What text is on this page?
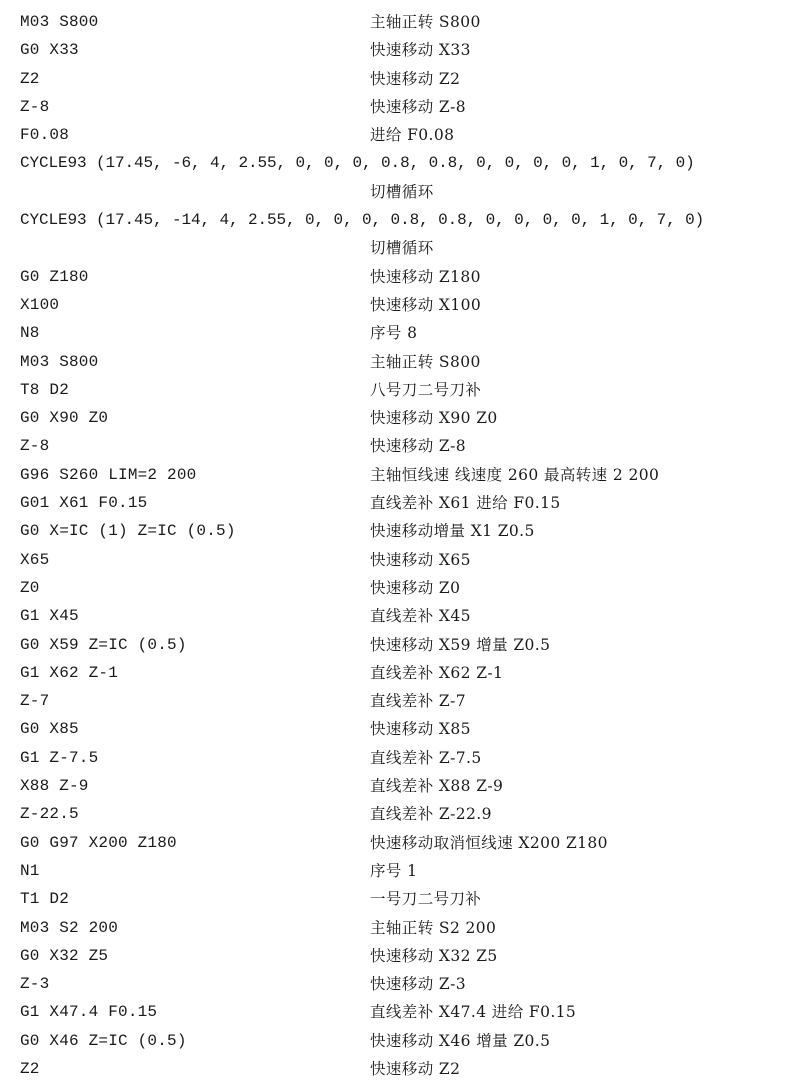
M03 S800	主轴正转 S800
G0 X33	快速移动 X33
Z2	快速移动 Z2
Z-8	快速移动 Z-8
F0.08	进给 F0.08
CYCLE93 (17.45, -6, 4, 2.55, 0, 0, 0, 0.8, 0.8, 0, 0, 0, 0, 1, 0, 7, 0)
切槽循环
CYCLE93 (17.45, -14, 4, 2.55, 0, 0, 0, 0.8, 0.8, 0, 0, 0, 0, 1, 0, 7, 0)
切槽循环
G0 Z180	快速移动 Z180
X100	快速移动 X100
N8	序号 8
M03 S800	主轴正转 S800
T8 D2	八号刀二号刀补
G0 X90 Z0	快速移动 X90 Z0
Z-8	快速移动 Z-8
G96 S260 LIM=2 200	主轴恒线速 线速度 260 最高转速 2 200
G01 X61 F0.15	直线差补 X61 进给 F0.15
G0 X=IC (1) Z=IC (0.5)	快速移动增量 X1 Z0.5
X65	快速移动 X65
Z0	快速移动 Z0
G1 X45	直线差补 X45
G0 X59 Z=IC (0.5)	快速移动 X59 增量 Z0.5
G1 X62 Z-1	直线差补 X62 Z-1
Z-7	直线差补 Z-7
G0 X85	快速移动 X85
G1 Z-7.5	直线差补 Z-7.5
X88 Z-9	直线差补 X88 Z-9
Z-22.5	直线差补 Z-22.9
G0 G97 X200 Z180	快速移动取消恒线速 X200 Z180
N1	序号 1
T1 D2	一号刀二号刀补
M03 S2 200	主轴正转 S2 200
G0 X32 Z5	快速移动 X32 Z5
Z-3	快速移动 Z-3
G1 X47.4 F0.15	直线差补 X47.4 进给 F0.15
G0 X46 Z=IC (0.5)	快速移动 X46 增量 Z0.5
Z2	快速移动 Z2
